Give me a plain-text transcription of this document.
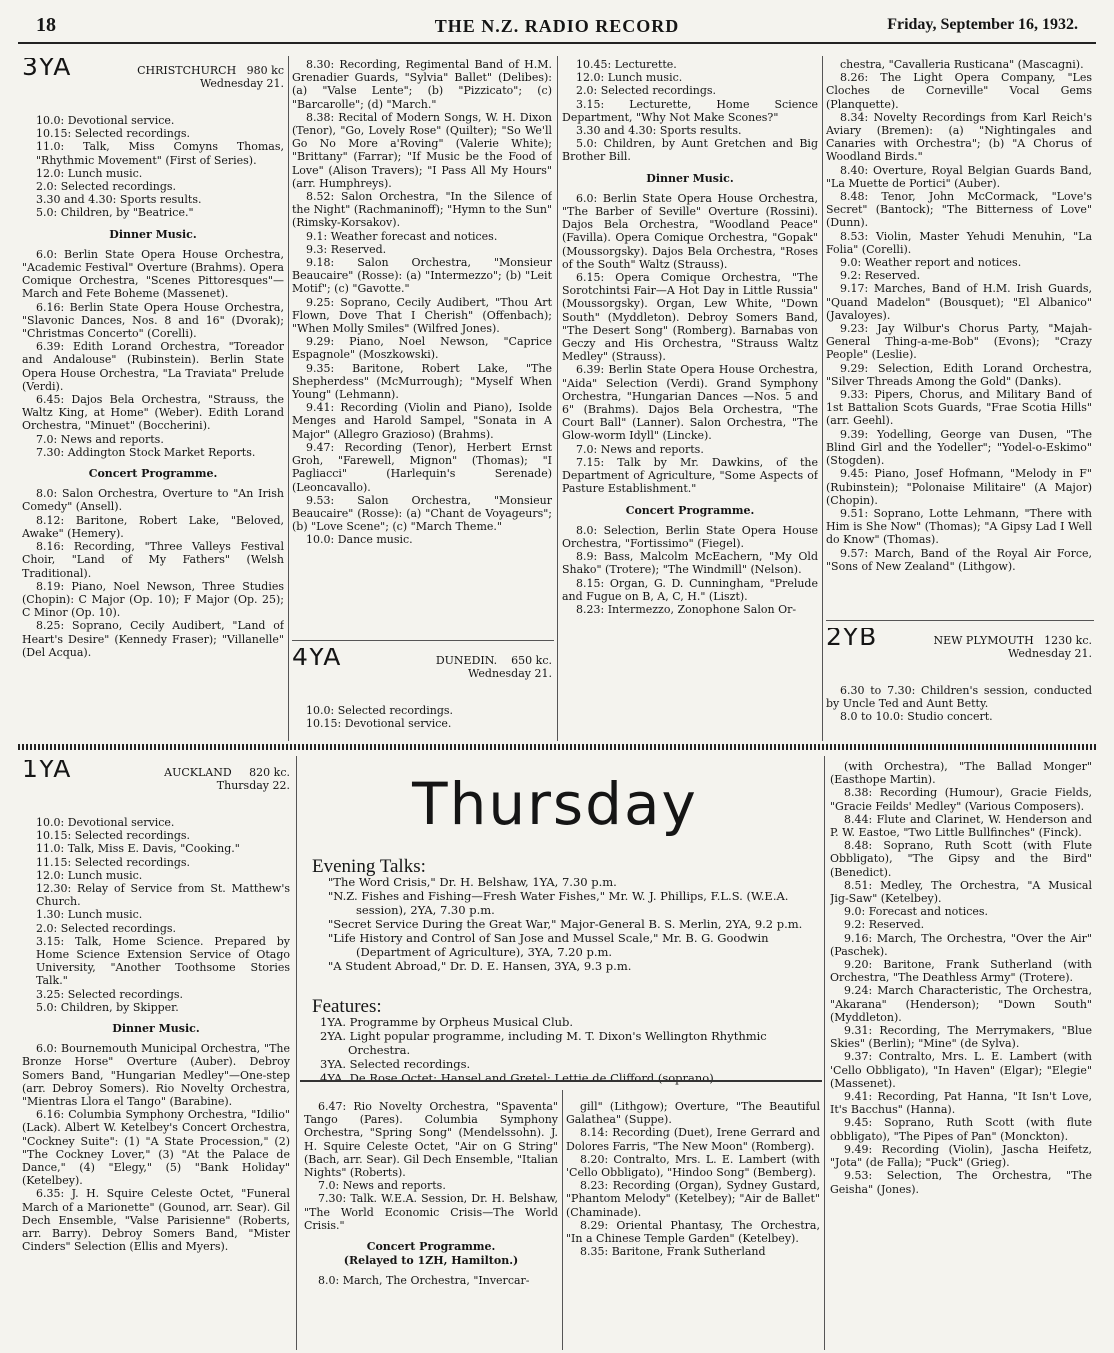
18	THE N.Z. RADIO RECORD	Friday, September 16, 1932.
3YA	CHRISTCHURCH 980 kc
Wednesday 21.

10.0: Devotional service.

10.15: Selected recordings.

11.0: Talk, Miss Comyns Thomas, "Rhythmic Movement" (First of Series).

12.0: Lunch music.

2.0: Selected recordings.

3.30 and 4.30: Sports results.

5.0: Children, by "Beatrice."

Dinner Music.

6.0: Berlin State Opera House Orchestra, "Academic Festival" Overture (Brahms). Opera Comique Orchestra, "Scenes Pittoresques"—March and Fete Boheme (Massenet).

6.16: Berlin State Opera House Orchestra, "Slavonic Dances, Nos. 8 and 16" (Dvorak); "Christmas Concerto" (Corelli).

6.39: Edith Lorand Orchestra, "Toreador and Andalouse" (Rubinstein). Berlin State Opera House Orchestra, "La Traviata" Prelude (Verdi).

6.45: Dajos Bela Orchestra, "Strauss, the Waltz King, at Home" (Weber). Edith Lorand Orchestra, "Minuet" (Boccherini).

7.0: News and reports.

7.30: Addington Stock Market Reports.

Concert Programme.

8.0: Salon Orchestra, Overture to "An Irish Comedy" (Ansell).

8.12: Baritone, Robert Lake, "Beloved, Awake" (Hemery).

8.16: Recording, "Three Valleys Festival Choir, "Land of My Fathers" (Welsh Traditional).

8.19: Piano, Noel Newson, Three Studies (Chopin): C Major (Op. 10); F Major (Op. 25); C Minor (Op. 10).

8.25: Soprano, Cecily Audibert, "Land of Heart's Desire" (Kennedy Fraser); "Villanelle" (Del Acqua).

8.30: Recording, Regimental Band of H.M. Grenadier Guards, "Sylvia" Ballet" (Delibes): (a) "Valse Lente"; (b) "Pizzicato"; (c) "Barcarolle"; (d) "March."

8.38: Recital of Modern Songs, W. H. Dixon (Tenor), "Go, Lovely Rose" (Quilter); "So We'll Go No More a'Roving" (Valerie White); "Brittany" (Farrar); "If Music be the Food of Love" (Alison Travers); "I Pass All My Hours" (arr. Humphreys).

8.52: Salon Orchestra, "In the Silence of the Night" (Rachmaninoff); "Hymn to the Sun" (Rimsky-Korsakov).

9.1: Weather forecast and notices.

9.3: Reserved.

9.18: Salon Orchestra, "Monsieur Beaucaire" (Rosse): (a) "Intermezzo"; (b) "Leit Motif"; (c) "Gavotte."

9.25: Soprano, Cecily Audibert, "Thou Art Flown, Dove That I Cherish" (Offenbach); "When Molly Smiles" (Wilfred Jones).

9.29: Piano, Noel Newson, "Caprice Espagnole" (Moszkowski).

9.35: Baritone, Robert Lake, "The Shepherdess" (McMurrough); "Myself When Young" (Lehmann).

9.41: Recording (Violin and Piano), Isolde Menges and Harold Sampel, "Sonata in A Major" (Allegro Grazioso) (Brahms).

9.47: Recording (Tenor), Herbert Ernst Groh, "Farewell, Mignon" (Thomas); "I Pagliacci" (Harlequin's Serenade) (Leoncavallo).

9.53: Salon Orchestra, "Monsieur Beaucaire" (Rosse): (a) "Chant de Voyageurs"; (b) "Love Scene"; (c) "March Theme."

10.0: Dance music.

4YA	DUNEDIN. 650 kc.
Wednesday 21.

10.0: Selected recordings.

10.15: Devotional service.

10.45: Lecturette.

12.0: Lunch music.

2.0: Selected recordings.

3.15: Lecturette, Home Science Department, "Why Not Make Scones?"

3.30 and 4.30: Sports results.

5.0: Children, by Aunt Gretchen and Big Brother Bill.

Dinner Music.

6.0: Berlin State Opera House Orchestra, "The Barber of Seville" Overture (Rossini). Dajos Bela Orchestra, "Woodland Peace" (Favilla). Opera Comique Orchestra, "Gopak" (Moussorgsky). Dajos Bela Orchestra, "Roses of the South" Waltz (Strauss).

6.15: Opera Comique Orchestra, "The Sorotchintsi Fair—A Hot Day in Little Russia" (Moussorgsky). Organ, Lew White, "Down South" (Myddleton). Debroy Somers Band, "The Desert Song" (Romberg). Barnabas von Geczy and His Orchestra, "Strauss Waltz Medley" (Strauss).

6.39: Berlin State Opera House Orchestra, "Aida" Selection (Verdi). Grand Symphony Orchestra, "Hungarian Dances —Nos. 5 and 6" (Brahms). Dajos Bela Orchestra, "The Court Ball" (Lanner). Salon Orchestra, "The Glow-worm Idyll" (Lincke).

7.0: News and reports.

7.15: Talk by Mr. Dawkins, of the Department of Agriculture, "Some Aspects of Pasture Establishment."

Concert Programme.

8.0: Selection, Berlin State Opera House Orchestra, "Fortissimo" (Fiegel).

8.9: Bass, Malcolm McEachern, "My Old Shako" (Trotere); "The Windmill" (Nelson).

8.15: Organ, G. D. Cunningham, "Prelude and Fugue on B, A, C, H." (Liszt).

8.23: Intermezzo, Zonophone Salon Or-

chestra, "Cavalleria Rusticana" (Mascagni).

8.26: The Light Opera Company, "Les Cloches de Corneville" Vocal Gems (Planquette).

8.34: Novelty Recordings from Karl Reich's Aviary (Bremen): (a) "Nightingales and Canaries with Orchestra"; (b) "A Chorus of Woodland Birds."

8.40: Overture, Royal Belgian Guards Band, "La Muette de Portici" (Auber).

8.48: Tenor, John McCormack, "Love's Secret" (Bantock); "The Bitterness of Love" (Dunn).

8.53: Violin, Master Yehudi Menuhin, "La Folia" (Corelli).

9.0: Weather report and notices.

9.2: Reserved.

9.17: Marches, Band of H.M. Irish Guards, "Quand Madelon" (Bousquet); "El Albanico" (Javaloyes).

9.23: Jay Wilbur's Chorus Party, "Majah-General Thing-a-me-Bob" (Evons); "Crazy People" (Leslie).

9.29: Selection, Edith Lorand Orchestra, "Silver Threads Among the Gold" (Danks).

9.33: Pipers, Chorus, and Military Band of 1st Battalion Scots Guards, "Frae Scotia Hills" (arr. Geehl).

9.39: Yodelling, George van Dusen, "The Blind Girl and the Yodeller"; "Yodel-o-Eskimo" (Stogden).

9.45: Piano, Josef Hofmann, "Melody in F" (Rubinstein); "Polonaise Militaire" (A Major) (Chopin).

9.51: Soprano, Lotte Lehmann, "There with Him is She Now" (Thomas); "A Gipsy Lad I Well do Know" (Thomas).

9.57: March, Band of the Royal Air Force, "Sons of New Zealand" (Lithgow).

2YB	NEW PLYMOUTH 1230 kc.
Wednesday 21.

6.30 to 7.30: Children's session, conducted by Uncle Ted and Aunt Betty.

8.0 to 10.0: Studio concert.

1YA	AUCKLAND 820 kc.
Thursday 22.

10.0: Devotional service.

10.15: Selected recordings.

11.0: Talk, Miss E. Davis, "Cooking."

11.15: Selected recordings.

12.0: Lunch music.

12.30: Relay of Service from St. Matthew's Church.

1.30: Lunch music.

2.0: Selected recordings.

3.15: Talk, Home Science. Prepared by Home Science Extension Service of Otago University, "Another Toothsome Stories Talk."

3.25: Selected recordings.

5.0: Children, by Skipper.

Dinner Music.

6.0: Bournemouth Municipal Orchestra, "The Bronze Horse" Overture (Auber). Debroy Somers Band, "Hungarian Medley"—One-step (arr. Debroy Somers). Rio Novelty Orchestra, "Mientras Llora el Tango" (Barabine).

6.16: Columbia Symphony Orchestra, "Idilio" (Lack). Albert W. Ketelbey's Concert Orchestra, "Cockney Suite": (1) "A State Procession," (2) "The Cockney Lover," (3) "At the Palace de Dance," (4) "Elegy," (5) "Bank Holiday" (Ketelbey).

6.35: J. H. Squire Celeste Octet, "Funeral March of a Marionette" (Gounod, arr. Sear). Gil Dech Ensemble, "Valse Parisienne" (Roberts, arr. Barry). Debroy Somers Band, "Mister Cinders" Selection (Ellis and Myers).

Thursday
Evening Talks:
"The Word Crisis," Dr. H. Belshaw, 1YA, 7.30 p.m.
"N.Z. Fishes and Fishing—Fresh Water Fishes," Mr. W. J. Phillips, F.L.S. (W.E.A. session), 2YA, 7.30 p.m.
"Secret Service During the Great War," Major-General B. S. Merlin, 2YA, 9.2 p.m.
"Life History and Control of San Jose and Mussel Scale," Mr. B. G. Goodwin (Department of Agriculture), 3YA, 7.20 p.m.
"A Student Abroad," Dr. D. E. Hansen, 3YA, 9.3 p.m.
Features:
1YA. Programme by Orpheus Musical Club.
2YA. Light popular programme, including M. T. Dixon's Wellington Rhythmic Orchestra.
3YA. Selected recordings.
4YA. De Rose Octet: Hansel and Gretel: Lettie de Clifford (soprano).

6.47: Rio Novelty Orchestra, "Spaventa" Tango (Pares). Columbia Symphony Orchestra, "Spring Song" (Mendelssohn). J. H. Squire Celeste Octet, "Air on G String" (Bach, arr. Sear). Gil Dech Ensemble, "Italian Nights" (Roberts).

7.0: News and reports.

7.30: Talk. W.E.A. Session, Dr. H. Belshaw, "The World Economic Crisis—The World Crisis."

Concert Programme.
(Relayed to 1ZH, Hamilton.)

8.0: March, The Orchestra, "Invercar-

gill" (Lithgow); Overture, "The Beautiful Galathea" (Suppe).

8.14: Recording (Duet), Irene Gerrard and Dolores Farris, "The New Moon" (Romberg).

8.20: Contralto, Mrs. L. E. Lambert (with 'Cello Obbligato), "Hindoo Song" (Bemberg).

8.23: Recording (Organ), Sydney Gustard, "Phantom Melody" (Ketelbey); "Air de Ballet" (Chaminade).

8.29: Oriental Phantasy, The Orchestra, "In a Chinese Temple Garden" (Ketelbey).

8.35: Baritone, Frank Sutherland

(with Orchestra), "The Ballad Monger" (Easthope Martin).

8.38: Recording (Humour), Gracie Fields, "Gracie Feilds' Medley" (Various Composers).

8.44: Flute and Clarinet, W. Henderson and P. W. Eastoe, "Two Little Bullfinches" (Finck).

8.48: Soprano, Ruth Scott (with Flute Obbligato), "The Gipsy and the Bird" (Benedict).

8.51: Medley, The Orchestra, "A Musical Jig-Saw" (Ketelbey).

9.0: Forecast and notices.

9.2: Reserved.

9.16: March, The Orchestra, "Over the Air" (Paschek).

9.20: Baritone, Frank Sutherland (with Orchestra, "The Deathless Army" (Trotere).

9.24: March Characteristic, The Orchestra, "Akarana" (Henderson); "Down South" (Myddleton).

9.31: Recording, The Merrymakers, "Blue Skies" (Berlin); "Mine" (de Sylva).

9.37: Contralto, Mrs. L. E. Lambert (with 'Cello Obbligato), "In Haven" (Elgar); "Elegie" (Massenet).

9.41: Recording, Pat Hanna, "It Isn't Love, It's Bacchus" (Hanna).

9.45: Soprano, Ruth Scott (with flute obbligato), "The Pipes of Pan" (Monckton).

9.49: Recording (Violin), Jascha Heifetz, "Jota" (de Falla); "Puck" (Grieg).

9.53: Selection, The Orchestra, "The Geisha" (Jones).
